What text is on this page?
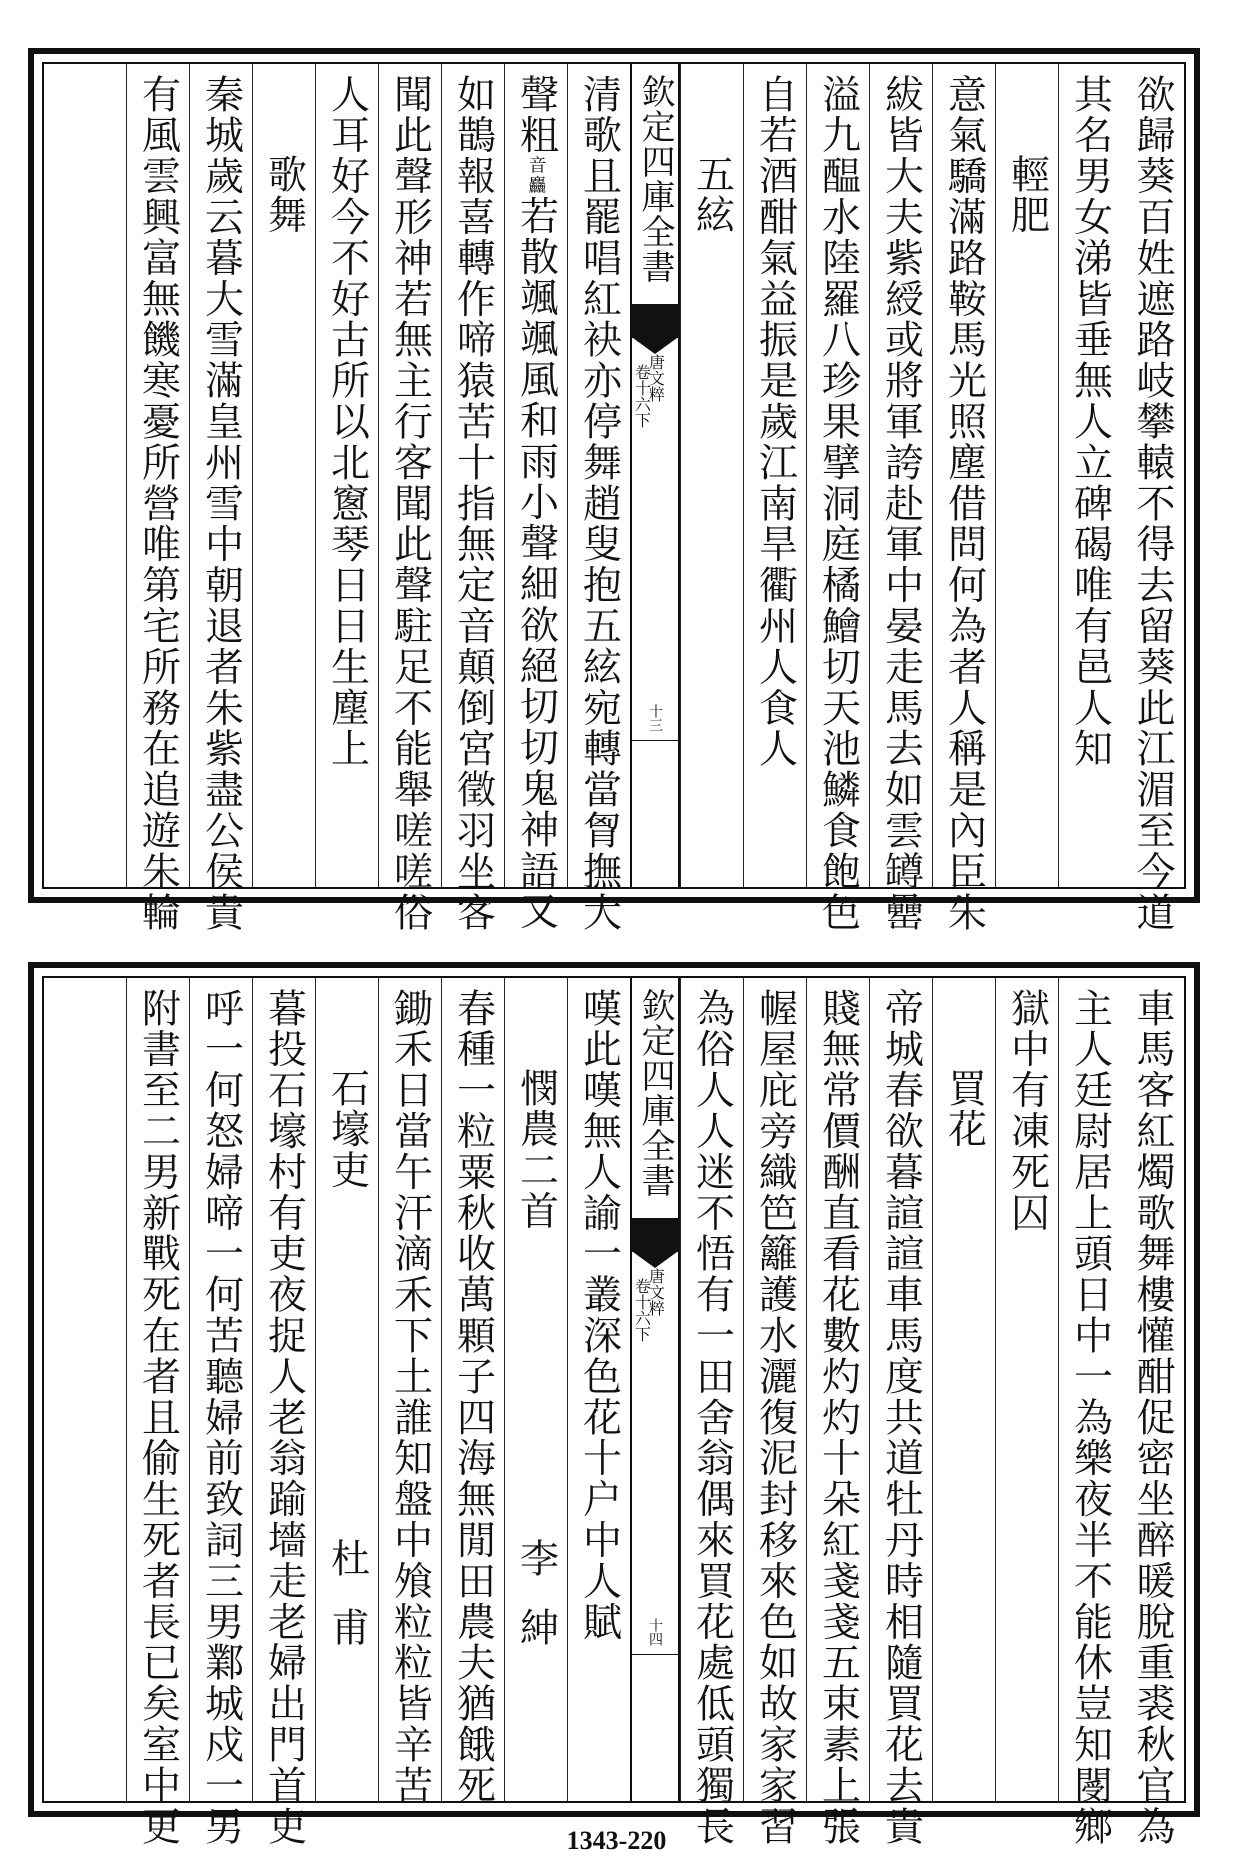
欲歸葵百姓遮路岐攀轅不得去留葵此江湄至今道
其名男女涕皆垂無人立碑碣唯有邑人知
輕肥
意氣驕滿路鞍馬光照塵借問何為者人稱是內臣朱
紱皆大夫紫綬或將軍誇赴軍中晏走馬去如雲罇罍
溢九醖水陸羅八珍果擘洞庭橘鱠切天池鱗食飽色
自若酒酣氣益振是歲江南旱衢州人食人
五絃
欽定四庫全書
唐文粹
卷十六下
十三
清歌且罷唱紅袂亦停舞趙叟抱五絃宛轉當胷撫大
聲粗音麤若散颯颯風和雨小聲細欲絕切切鬼神語又
如鵲報喜轉作啼猿苦十指無定音顛倒宮徵羽坐客
聞此聲形神若無主行客聞此聲駐足不能舉嗟嗟俗
人耳好今不好古所以北窻琴日日生塵上
歌舞
秦城歲云暮大雪滿皇州雪中朝退者朱紫盡公侯貴
有風雲興富無饑寒憂所營唯第宅所務在追遊朱輪
車馬客紅燭歌舞樓懽酣促密坐醉暖脫重裘秋官為
主人廷尉居上頭日中一為樂夜半不能休豈知閿鄉
獄中有凍死囚
買花
帝城春欲暮諠諠車馬度共道牡丹時相隨買花去貴
賤無常價酬直看花數灼灼十朵紅戔戔五束素上張
幄屋庇旁織笆籬護水灑復泥封移來色如故家家習
為俗人人迷不悟有一田舍翁偶來買花處低頭獨長
欽定四庫全書
唐文粹
卷十六下
十四
嘆此嘆無人諭一叢深色花十户中人賦
憫農二首
李紳
春種一粒粟秋收萬顆子四海無閒田農夫猶餓死
鋤禾日當午汗滴禾下土誰知盤中飧粒粒皆辛苦
石壕吏
杜甫
暮投石壕村有吏夜捉人老翁踰墻走老婦出門首吏
呼一何怒婦啼一何苦聽婦前致詞三男鄴城戍一男
附書至二男新戰死在者且偷生死者長已矣室中更	1343-220
